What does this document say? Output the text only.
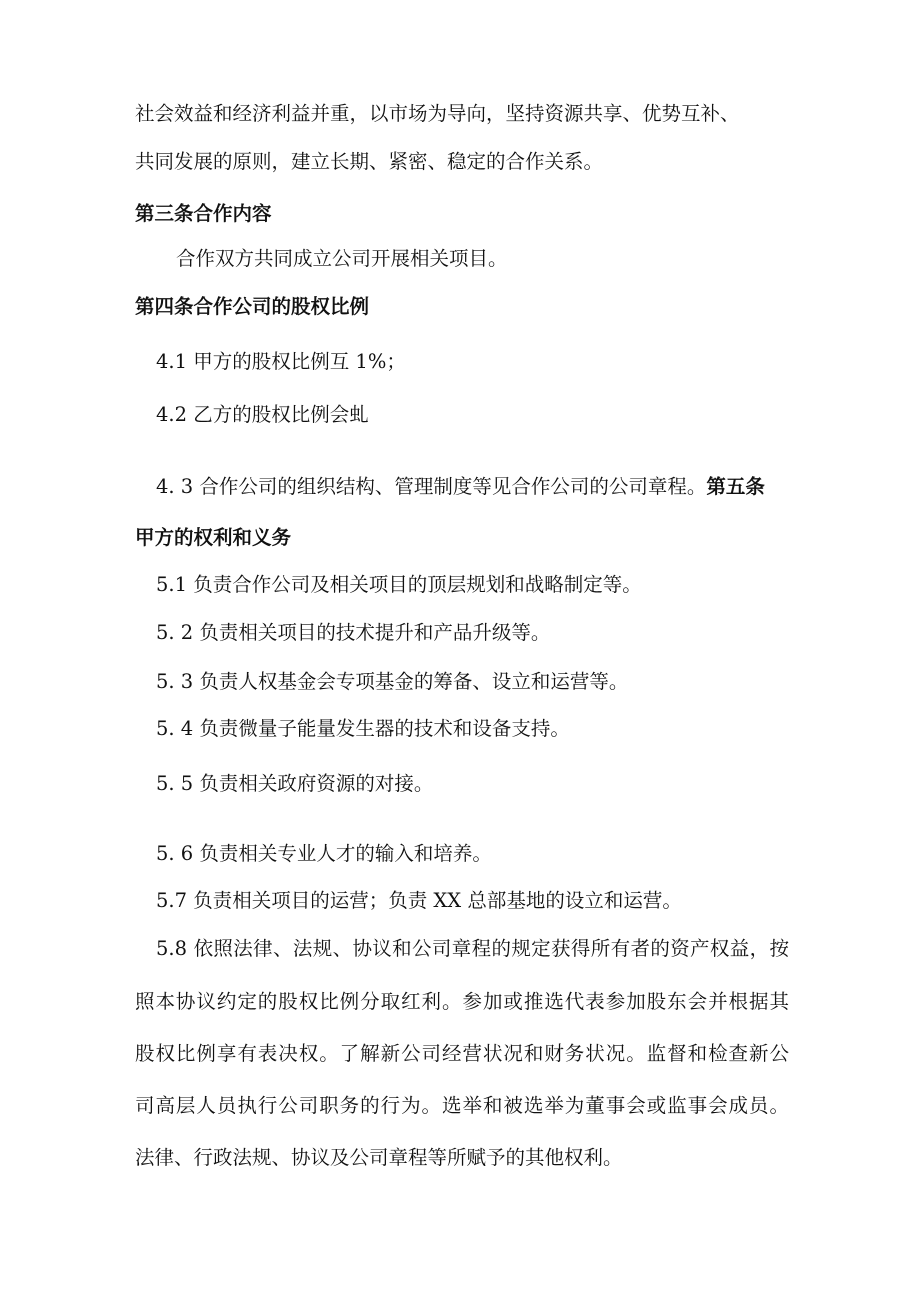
社会效益和经济利益并重，以市场为导向，坚持资源共享、优势互补、

共同发展的原则，建立长期、紧密、稳定的合作关系。

第三条合作内容

合作双方共同成立公司开展相关项目。

第四条合作公司的股权比例

4.1 甲方的股权比例互 1%；

4.2 乙方的股权比例会虬

4. 3 合作公司的组织结构、管理制度等见合作公司的公司章程。第五条

甲方的权利和义务

5.1 负责合作公司及相关项目的顶层规划和战略制定等。

5. 2 负责相关项目的技术提升和产品升级等。

5. 3 负责人权基金会专项基金的筹备、设立和运营等。

5. 4 负责微量子能量发生器的技术和设备支持。

5. 5 负责相关政府资源的对接。

5. 6 负责相关专业人才的输入和培养。

5.7 负责相关项目的运营；负责 XX 总部基地的设立和运营。

5.8 依照法律、法规、协议和公司章程的规定获得所有者的资产权益，按

照本协议约定的股权比例分取红利。参加或推选代表参加股东会并根据其

股权比例享有表决权。了解新公司经营状况和财务状况。监督和检查新公

司高层人员执行公司职务的行为。选举和被选举为董事会或监事会成员。

法律、行政法规、协议及公司章程等所赋予的其他权利。
